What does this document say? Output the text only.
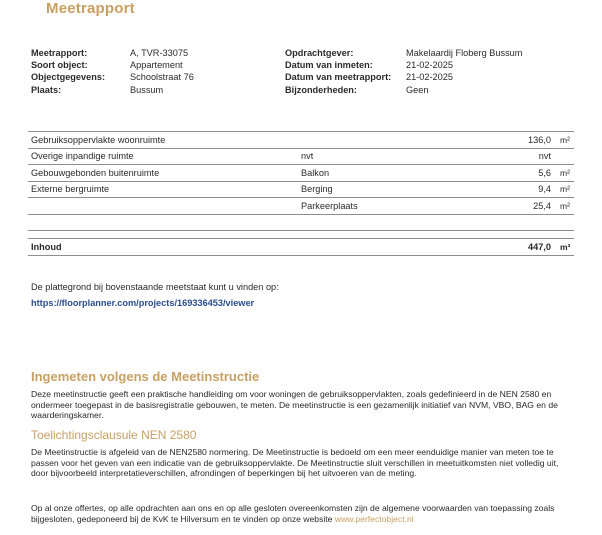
Meetrapport
Meetrapport:	A, TVR-33075
Soort object:	Appartement
Objectgegevens:	Schoolstraat 76
Plaats:	Bussum
Opdrachtgever:	Makelaardij Floberg Bussum
Datum van inmeten:	21-02-2025
Datum van meetrapport:	21-02-2025
Bijzonderheden:	Geen
Gebruiksoppervlakte woonruimte		136,0	m²
Overige inpandige ruimte	nvt	nvt	
Gebouwgebonden buitenruimte	Balkon	5,6	m²
Externe bergruimte	Berging	9,4	m²
	Parkeerplaats	25,4	m²

Inhoud		447,0	m³
De plattegrond bij bovenstaande meetstaat kunt u vinden op:
https://floorplanner.com/projects/169336453/viewer
Ingemeten volgens de Meetinstructie
Deze meetinstructie geeft een praktische handleiding om voor woningen de gebruiksoppervlakten, zoals gedefinieerd in de NEN 2580 en ondermeer toegepast in de basisregistratie gebouwen, te meten. De meetinstructie is een gezamenlijk initiatief van NVM, VBO, BAG en de waarderingskamer.
Toelichtingsclausule NEN 2580
De Meetinstructie is afgeleid van de NEN2580 normering. De Meetinstructie is bedoeld om een meer eenduidige manier van meten toe te passen voor het geven van een indicatie van de gebruiksoppervlakte. De Meetinstructie sluit verschillen in meetuitkomsten niet volledig uit, door bijvoorbeeld interpretatieverschillen, afrondingen of beperkingen bij het uitvoeren van de meting.
Op al onze offertes, op alle opdrachten aan ons en op alle gesloten overeenkomsten zijn de algemene voorwaarden van toepassing zoals bijgesloten, gedeponeerd bij de KvK te Hilversum en te vinden op onze website www.perfectobject.nl
